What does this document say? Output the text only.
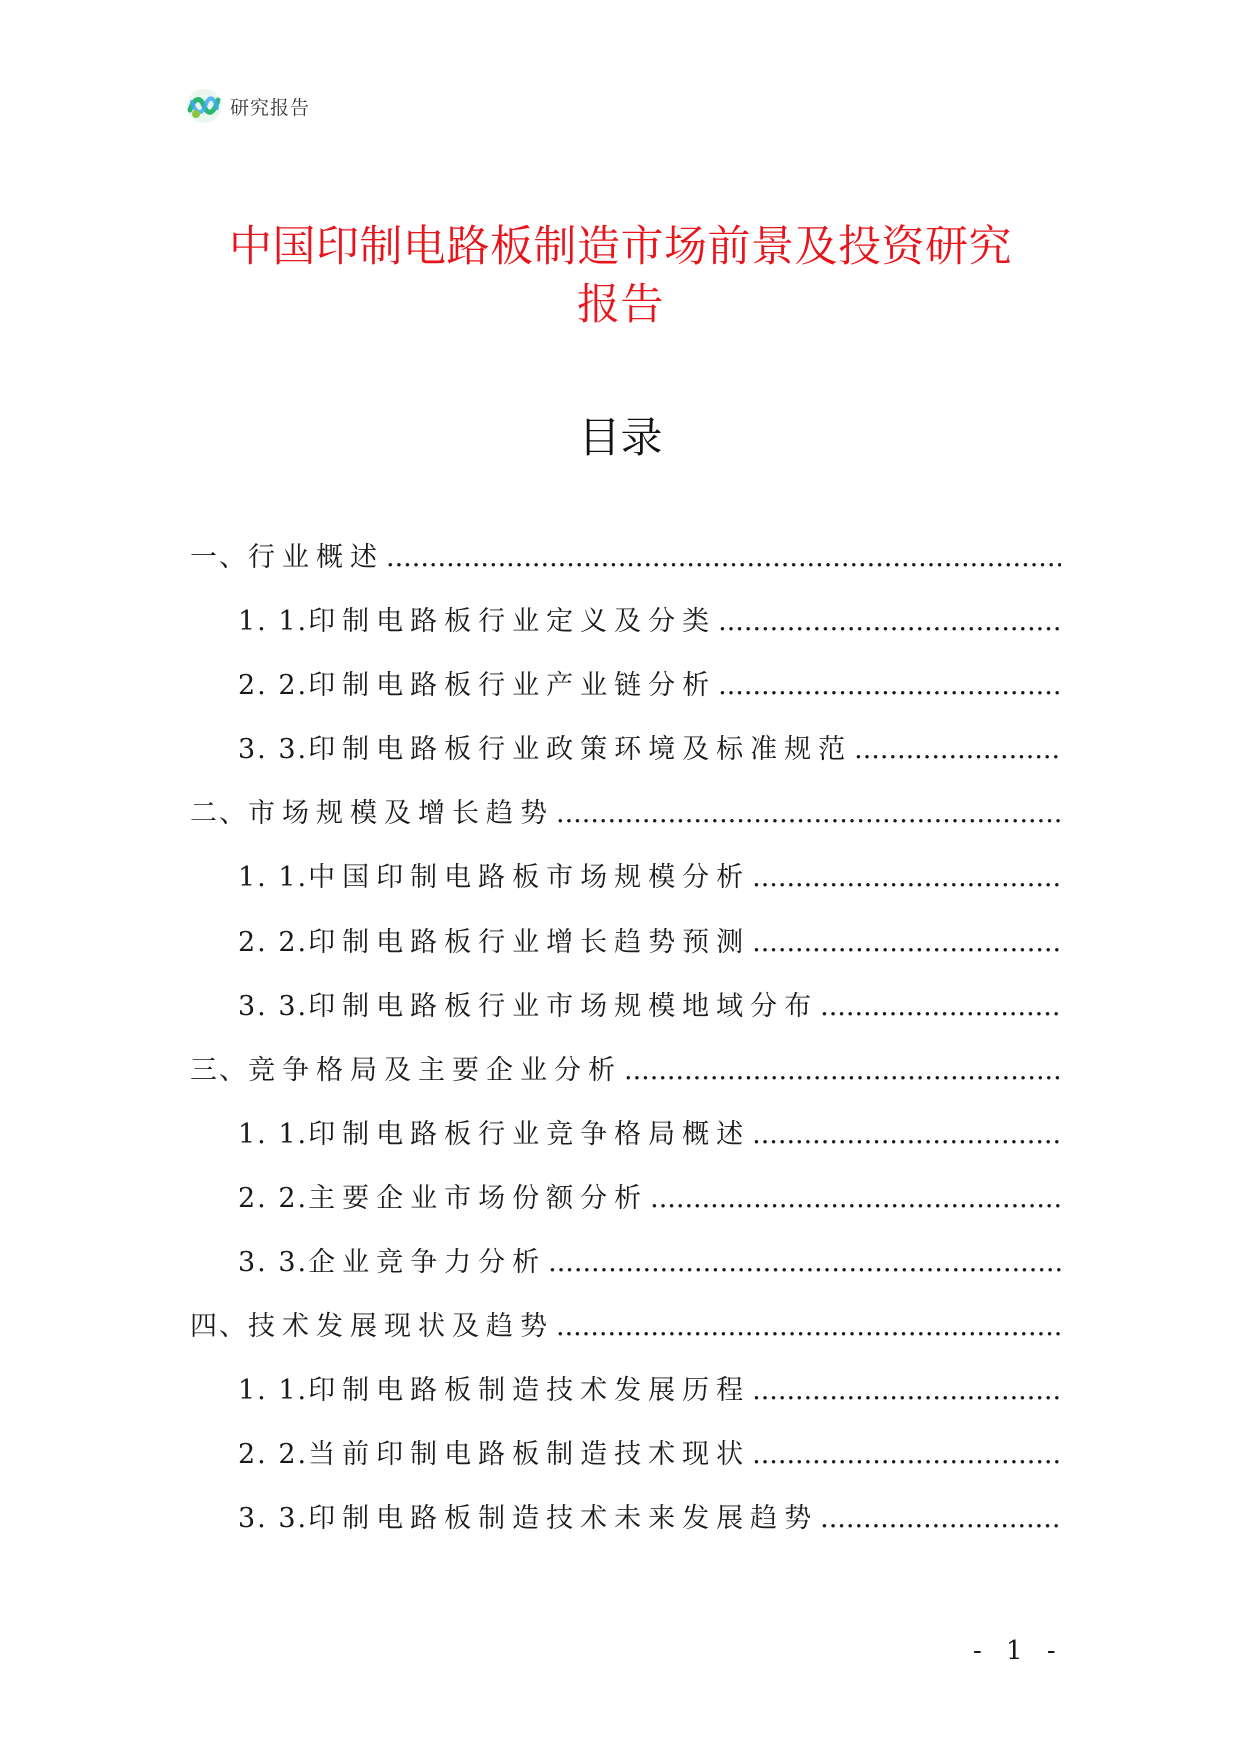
研究报告
中国印制电路板制造市场前景及投资研究
报告
目录
一、 行业概述
.....
1. 1. 印制电路板行业定义及分类
.....
2. 2. 印制电路板行业产业链分析
.....
3. 3. 印制电路板行业政策环境及标准规范
.....
二、 市场规模及增长趋势
.....
1. 1. 中国印制电路板市场规模分析
.....
2. 2. 印制电路板行业增长趋势预测
.....
3. 3. 印制电路板行业市场规模地域分布
.....
三、 竞争格局及主要企业分析
.....
1. 1. 印制电路板行业竞争格局概述
.....
2. 2. 主要企业市场份额分析
.....
3. 3. 企业竞争力分析
.....
四、 技术发展现状及趋势
.....
1. 1. 印制电路板制造技术发展历程
.....
2. 2. 当前印制电路板制造技术现状
.....
3. 3. 印制电路板制造技术未来发展趋势
.....
- 1 -
